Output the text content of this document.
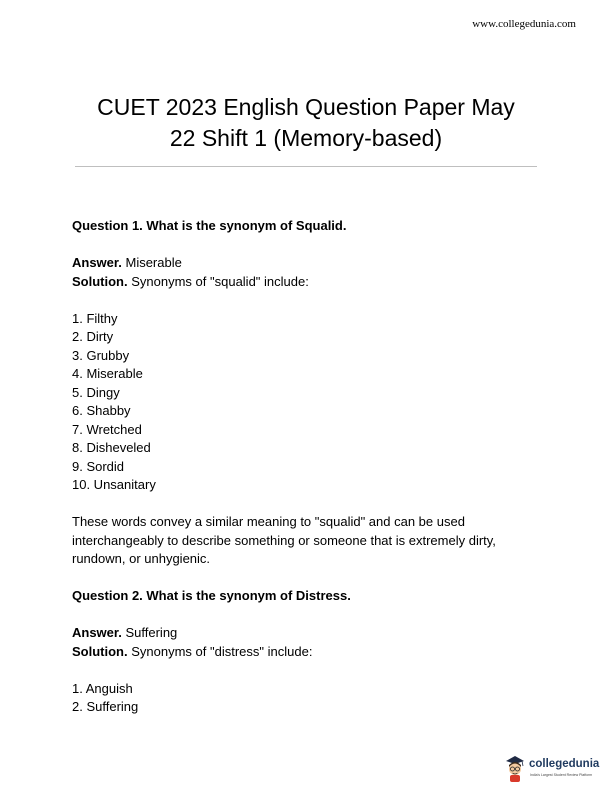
www.collegedunia.com
CUET 2023 English Question Paper May
22 Shift 1 (Memory-based)

Question 1. What is the synonym of Squalid.

Answer. Miserable

Solution. Synonyms of "squalid" include:

1. Filthy
2. Dirty
3. Grubby
4. Miserable
5. Dingy
6. Shabby
7. Wretched
8. Disheveled
9. Sordid
10. Unsanitary

These words convey a similar meaning to "squalid" and can be used
interchangeably to describe something or someone that is extremely dirty,
rundown, or unhygienic.

Question 2. What is the synonym of Distress.

Answer. Suffering

Solution. Synonyms of "distress" include:

1. Anguish
2. Suffering
collegedunia
India's Largest Student Review Platform
